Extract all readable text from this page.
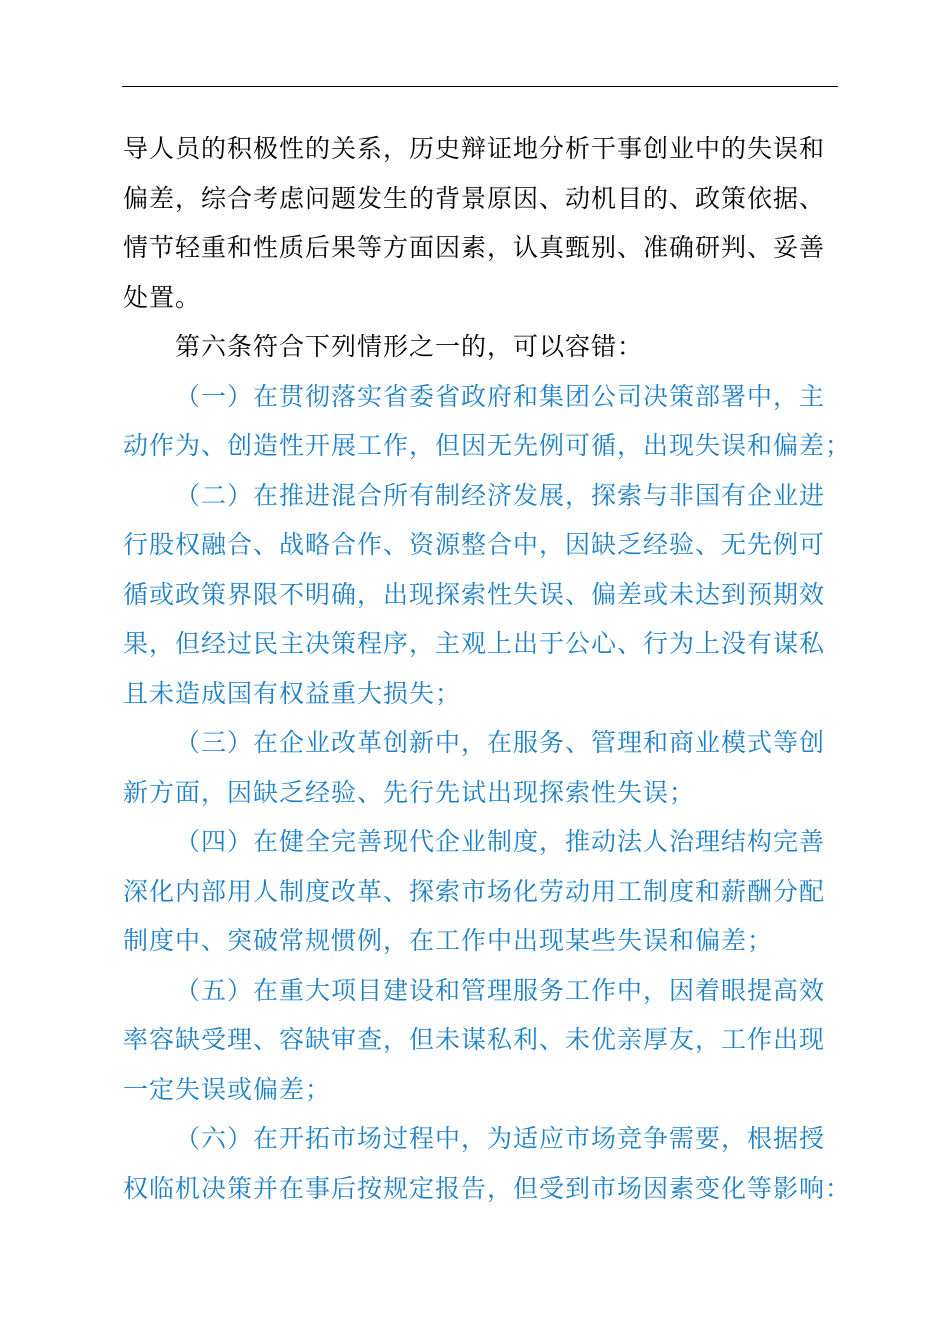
导人员的积极性的关系，历史辩证地分析干事创业中的失误和
偏差，综合考虑问题发生的背景原因、动机目的、政策依据、
情节轻重和性质后果等方面因素，认真甄别、准确研判、妥善
处置。
第六条符合下列情形之一的，可以容错：
（一）在贯彻落实省委省政府和集团公司决策部署中，主
动作为、创造性开展工作，但因无先例可循，出现失误和偏差；
（二）在推进混合所有制经济发展，探索与非国有企业进
行股权融合、战略合作、资源整合中，因缺乏经验、无先例可
循或政策界限不明确，出现探索性失误、偏差或未达到预期效
果，但经过民主决策程序，主观上出于公心、行为上没有谋私
且未造成国有权益重大损失；
（三）在企业改革创新中，在服务、管理和商业模式等创
新方面，因缺乏经验、先行先试出现探索性失误；
（四）在健全完善现代企业制度，推动法人治理结构完善
深化内部用人制度改革、探索市场化劳动用工制度和薪酬分配
制度中、突破常规惯例，在工作中出现某些失误和偏差；
（五）在重大项目建设和管理服务工作中，因着眼提高效
率容缺受理、容缺审查，但未谋私利、未优亲厚友，工作出现
一定失误或偏差；
（六）在开拓市场过程中，为适应市场竞争需要，根据授
权临机决策并在事后按规定报告，但受到市场因素变化等影响：
